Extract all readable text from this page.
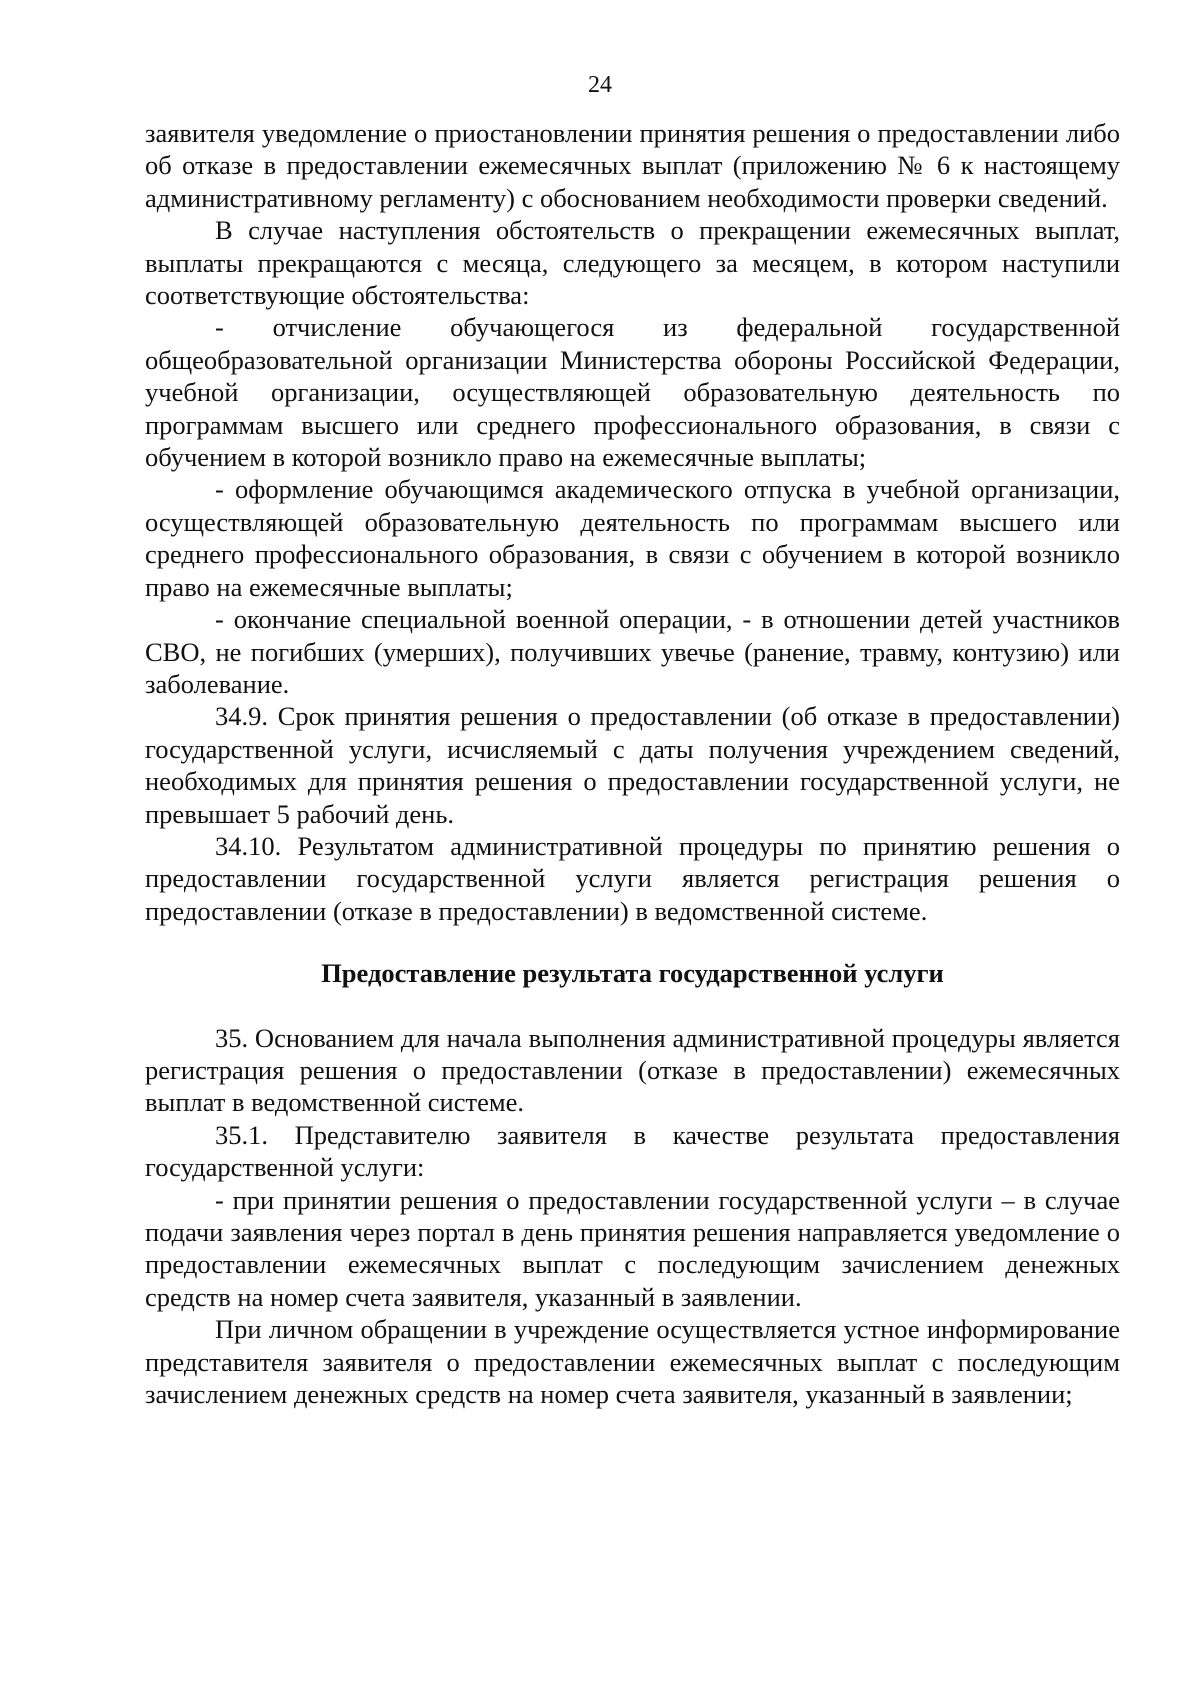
24

заявителя уведомление о приостановлении принятия решения о предоставлении либо об отказе в предоставлении ежемесячных выплат (приложению № 6 к настоящему административному регламенту) с обоснованием необходимости проверки сведений.

В случае наступления обстоятельств о прекращении ежемесячных выплат, выплаты прекращаются с месяца, следующего за месяцем, в котором наступили соответствующие обстоятельства:

- отчисление обучающегося из федеральной государственной общеобразовательной организации Министерства обороны Российской Федерации, учебной организации, осуществляющей образовательную деятельность по программам высшего или среднего профессионального образования, в связи с обучением в которой возникло право на ежемесячные выплаты;

- оформление обучающимся академического отпуска в учебной организации, осуществляющей образовательную деятельность по программам высшего или среднего профессионального образования, в связи с обучением в которой возникло право на ежемесячные выплаты;

- окончание специальной военной операции, - в отношении детей участников СВО, не погибших (умерших), получивших увечье (ранение, травму, контузию) или заболевание.

34.9. Срок принятия решения о предоставлении (об отказе в предоставлении) государственной услуги, исчисляемый с даты получения учреждением сведений, необходимых для принятия решения о предоставлении государственной услуги, не превышает 5 рабочий день.

34.10. Результатом административной процедуры по принятию решения о предоставлении государственной услуги является регистрация решения о предоставлении (отказе в предоставлении) в ведомственной системе.

Предоставление результата государственной услуги

35. Основанием для начала выполнения административной процедуры является регистрация решения о предоставлении (отказе в предоставлении) ежемесячных выплат в ведомственной системе.

35.1. Представителю заявителя в качестве результата предоставления государственной услуги:

- при принятии решения о предоставлении государственной услуги – в случае подачи заявления через портал в день принятия решения направляется уведомление о предоставлении ежемесячных выплат с последующим зачислением денежных средств на номер счета заявителя, указанный в заявлении.

При личном обращении в учреждение осуществляется устное информирование представителя заявителя о предоставлении ежемесячных выплат с последующим зачислением денежных средств на номер счета заявителя, указанный в заявлении;
